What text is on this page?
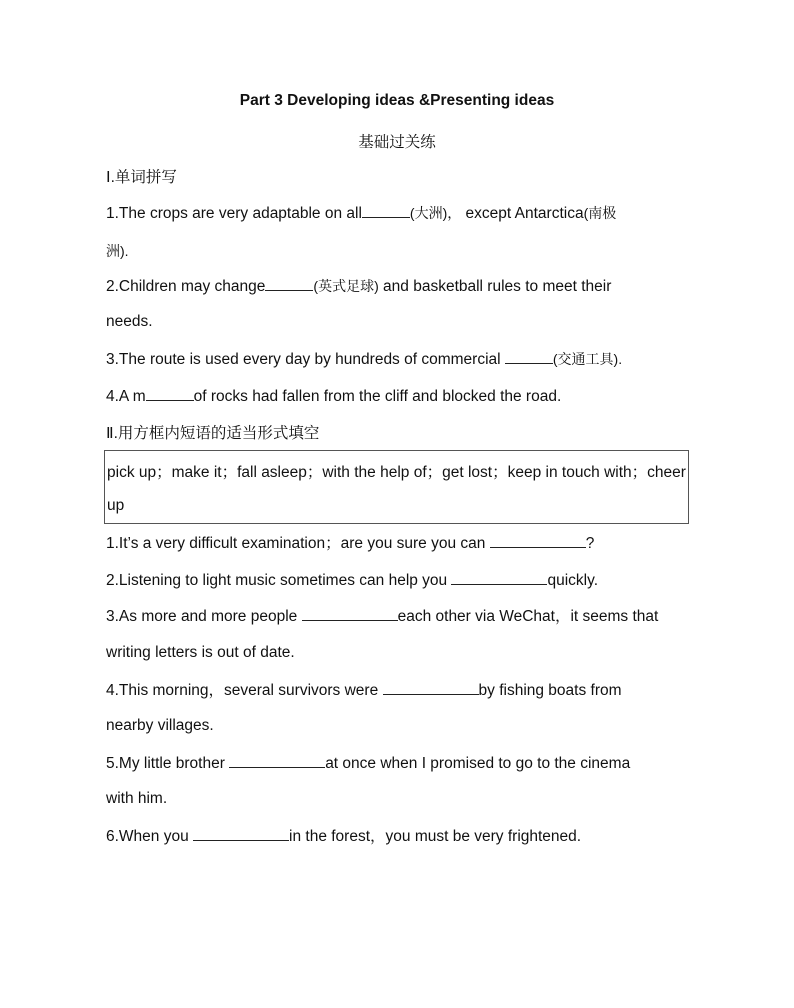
Part 3 Developing ideas &Presenting ideas
基础过关练
Ⅰ.单词拼写
1.The crops are very adaptable on all	(大洲)， except Antarctica(南极
洲).
2.Children may change	(英式足球) and basketball rules to meet their
needs.
3.The route is used every day by hundreds of commercial	(交通工具).
4.A m	of rocks had fallen from the cliff and blocked the road.
Ⅱ.用方框内短语的适当形式填空
pick up；make it；fall asleep；with the help of；get lost；keep in touch with；cheer
up
1.It’s a very difficult examination；are you sure you can	?
2.Listening to light music sometimes can help you	quickly.
3.As more and more people	each other via WeChat，it seems that
writing letters is out of date.
4.This morning，several survivors were	by fishing boats from
nearby villages.
5.My little brother	at once when I promised to go to the cinema
with him.
6.When you	in the forest，you must be very frightened.
